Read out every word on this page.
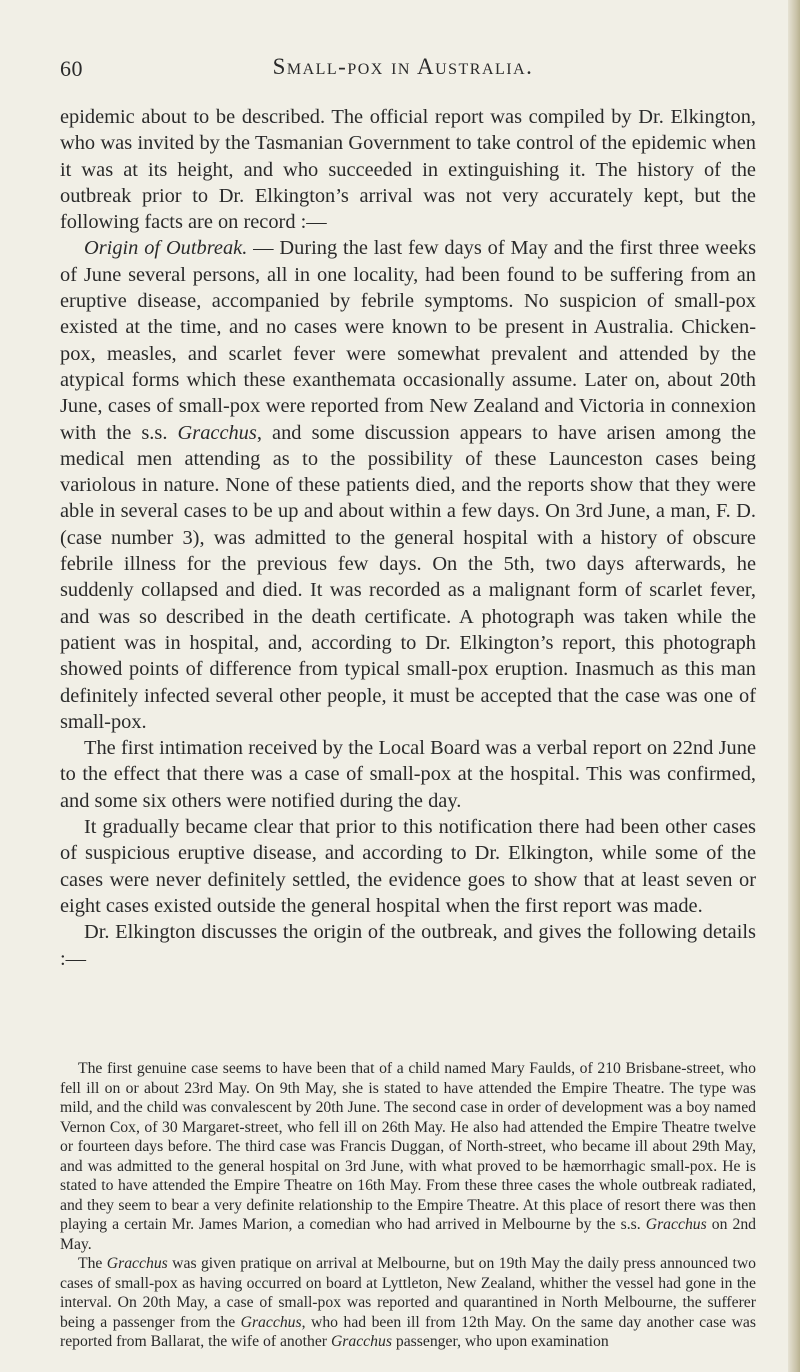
60	Small-pox in Australia.

epidemic about to be described. The official report was compiled by Dr. Elkington, who was invited by the Tasmanian Government to take control of the epidemic when it was at its height, and who succeeded in extinguishing it. The history of the outbreak prior to Dr. Elkington’s arrival was not very accurately kept, but the following facts are on record :—

Origin of Outbreak. — During the last few days of May and the first three weeks of June several persons, all in one locality, had been found to be suffering from an eruptive disease, accompanied by febrile symptoms. No suspicion of small-pox existed at the time, and no cases were known to be present in Australia. Chicken-pox, measles, and scarlet fever were somewhat prevalent and attended by the atypical forms which these exanthemata occasionally assume. Later on, about 20th June, cases of small-pox were reported from New Zealand and Victoria in connexion with the s.s. Gracchus, and some discussion appears to have arisen among the medical men attending as to the possibility of these Launceston cases being variolous in nature. None of these patients died, and the reports show that they were able in several cases to be up and about within a few days. On 3rd June, a man, F. D. (case number 3), was admitted to the general hospital with a history of obscure febrile illness for the previous few days. On the 5th, two days afterwards, he suddenly collapsed and died. It was recorded as a malignant form of scarlet fever, and was so described in the death certificate. A photograph was taken while the patient was in hospital, and, according to Dr. Elkington’s report, this photograph showed points of difference from typical small-pox eruption. Inasmuch as this man definitely infected several other people, it must be accepted that the case was one of small-pox.

The first intimation received by the Local Board was a verbal report on 22nd June to the effect that there was a case of small-pox at the hospital. This was confirmed, and some six others were notified during the day.

It gradually became clear that prior to this notification there had been other cases of suspicious eruptive disease, and according to Dr. Elkington, while some of the cases were never definitely settled, the evidence goes to show that at least seven or eight cases existed outside the general hospital when the first report was made.

Dr. Elkington discusses the origin of the outbreak, and gives the following details :—

The first genuine case seems to have been that of a child named Mary Faulds, of 210 Brisbane-street, who fell ill on or about 23rd May. On 9th May, she is stated to have attended the Empire Theatre. The type was mild, and the child was convalescent by 20th June. The second case in order of development was a boy named Vernon Cox, of 30 Margaret-street, who fell ill on 26th May. He also had attended the Empire Theatre twelve or fourteen days before. The third case was Francis Duggan, of North-street, who became ill about 29th May, and was admitted to the general hospital on 3rd June, with what proved to be hæmorrhagic small-pox. He is stated to have attended the Empire Theatre on 16th May. From these three cases the whole outbreak radiated, and they seem to bear a very definite relationship to the Empire Theatre. At this place of resort there was then playing a certain Mr. James Marion, a comedian who had arrived in Melbourne by the s.s. Gracchus on 2nd May.

The Gracchus was given pratique on arrival at Melbourne, but on 19th May the daily press announced two cases of small-pox as having occurred on board at Lyttleton, New Zealand, whither the vessel had gone in the interval. On 20th May, a case of small-pox was reported and quarantined in North Melbourne, the sufferer being a passenger from the Gracchus, who had been ill from 12th May. On the same day another case was reported from Ballarat, the wife of another Gracchus passenger, who upon examination
